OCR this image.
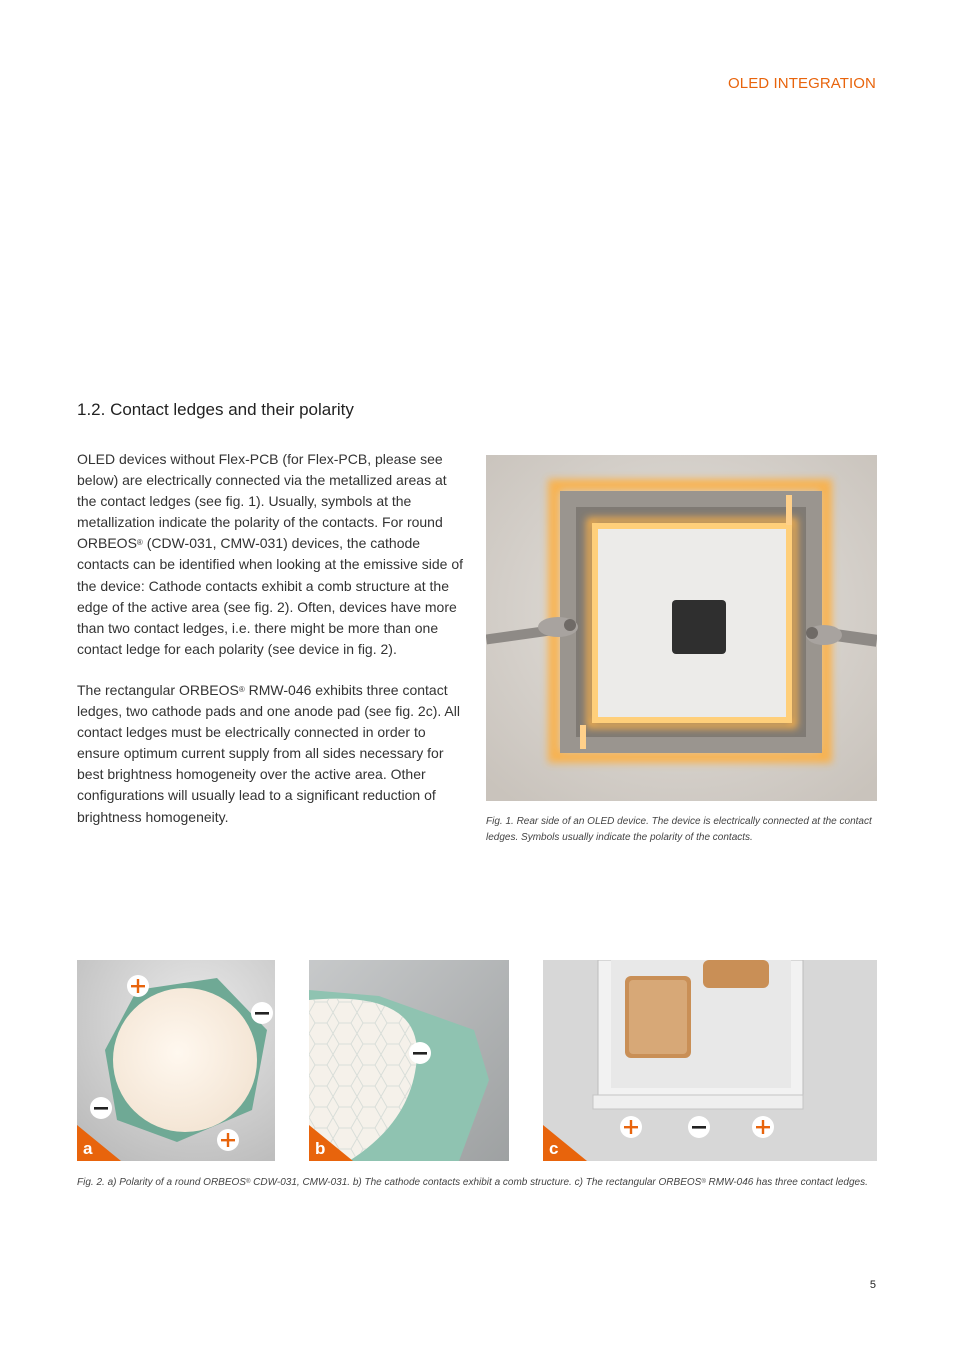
OLED INTEGRATION
1.2. Contact ledges and their polarity

OLED devices without Flex-PCB (for Flex-PCB, please see below) are electrically connected via the metallized areas at the contact ledges (see fig. 1). Usually, symbols at the metallization indicate the polarity of the contacts. For round ORBEOS® (CDW-031, CMW-031) devices, the cathode contacts can be identified when looking at the emissive side of the device: Cathode contacts exhibit a comb structure at the edge of the active area (see fig. 2). Often, devices have more than two contact ledges, i.e. there might be more than one contact ledge for each polarity (see device in fig. 2).

The rectangular ORBEOS® RMW-046 exhibits three contact ledges, two cathode pads and one anode pad (see fig. 2c). All contact ledges must be electrically connected in order to ensure optimum current supply from all sides necessary for best brightness homogeneity over the active area. Other configurations will usually lead to a significant reduction of brightness homogeneity.	Fig. 1. Rear side of an OLED device. The device is electrically connected at the contact ledges. Symbols usually indicate the polarity of the contacts.
a	b	c
Fig. 2. a) Polarity of a round ORBEOS® CDW-031, CMW-031. b) The cathode contacts exhibit a comb structure. c) The rectangular ORBEOS® RMW-046 has three contact ledges.
5
